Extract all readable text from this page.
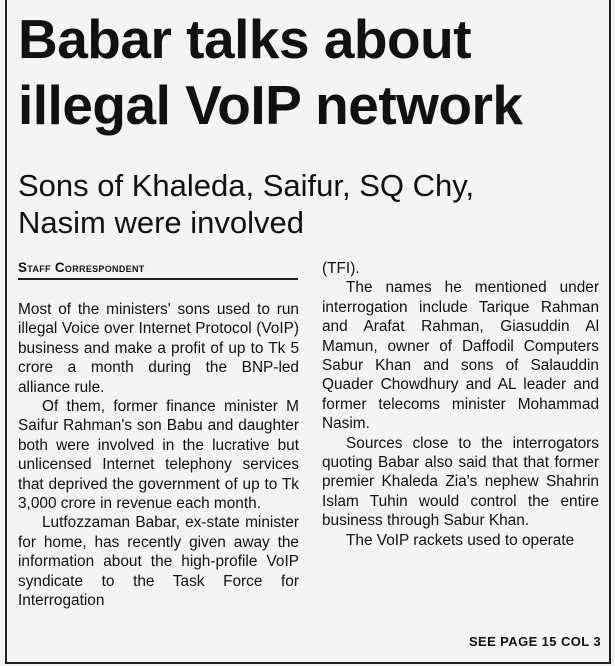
Babar talks about
illegal VoIP network
Sons of Khaleda, Saifur, SQ Chy,
Nasim were involved
Staff Correspondent

Most of the ministers' sons used to run illegal Voice over Internet Protocol (VoIP) business and make a profit of up to Tk 5 crore a month during the BNP-led alliance rule.

Of them, former finance minister M Saifur Rahman's son Babu and daughter both were involved in the lucrative but unlicensed Internet telephony services that deprived the government of up to Tk 3,000 crore in revenue each month.

Lutfozzaman Babar, ex-state minister for home, has recently given away the information about the high-profile VoIP syndicate to the Task Force for Interrogation

(TFI).

The names he mentioned under interrogation include Tarique Rahman and Arafat Rahman, Giasuddin Al Mamun, owner of Daffodil Computers Sabur Khan and sons of Salauddin Quader Chowdhury and AL leader and former telecoms minister Mohammad Nasim.

Sources close to the interrogators quoting Babar also said that that former premier Khaleda Zia's nephew Shahrin Islam Tuhin would control the entire business through Sabur Khan.

The VoIP rackets used to operate

SEE PAGE 15 COL 3
